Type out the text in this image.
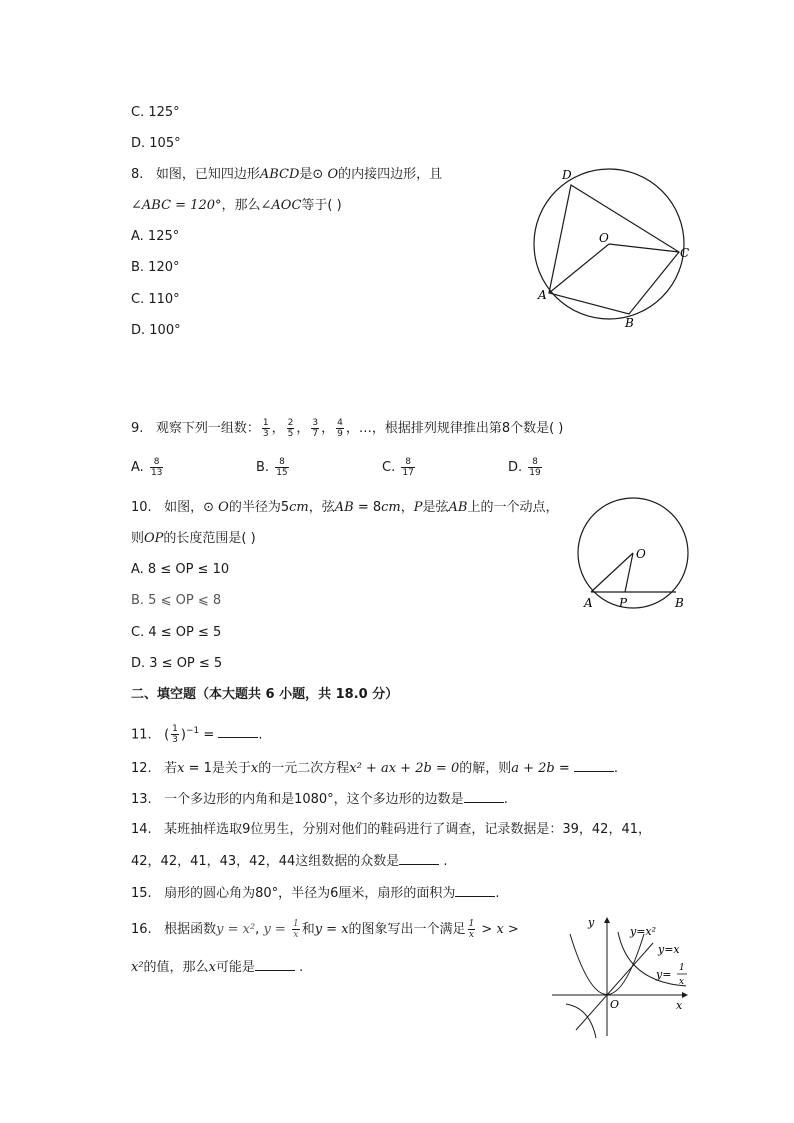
C. 125°
D. 105°
8. 如图，已知四边形ABCD是⊙ O的内接四边形，且
∠ABC = 120°，那么∠AOC等于( )
A. 125°
B. 120°
C. 110°
D. 100°
D
O
C
A
B
9. 观察下列一组数： $\frac{1}{3}$ ， $\frac{2}{5}$ ， $\frac{3}{7}$ ， $\frac{4}{9}$ ，…，根据排列规律推出第8个数是( )
A. $\frac{8}{13}$	B. $\frac{8}{15}$	C. $\frac{8}{17}$	D. $\frac{8}{19}$
10. 如图，⊙ O的半径为5cm，弦AB = 8cm，P是弦AB上的一个动点，
则OP的长度范围是( )
A. 8 ≤ OP ≤ 10
B. 5 ⩽ OP ⩽ 8
C. 4 ≤ OP ≤ 5
D. 3 ≤ OP ≤ 5
O
A P	B
二、填空题（本大题共 6 小题，共 18.0 分）
11.   ( $\frac{1}{3} )^{-1}$ =	.
12. 若x = 1是关于x的一元二次方程x² + ax + 2b = 0的解，则a + 2b =	.
13. 一个多边形的内角和是1080°，这个多边形的边数是	.
14. 某班抽样选取9位男生，分别对他们的鞋码进行了调查，记录数据是：39，42，41，
42，42，41，43，42，44这组数据的众数是	.
15. 扇形的圆心角为80°，半径为6厘米，扇形的面积为	.
16. 根据函数y = x², $y = \frac{1}{x}$ 和y = x的图象写出一个满足 $\frac{1}{x} > x$ >
x²的值，那么x可能是	.
y
x
O
y=x²
y=x
y= 1
x
